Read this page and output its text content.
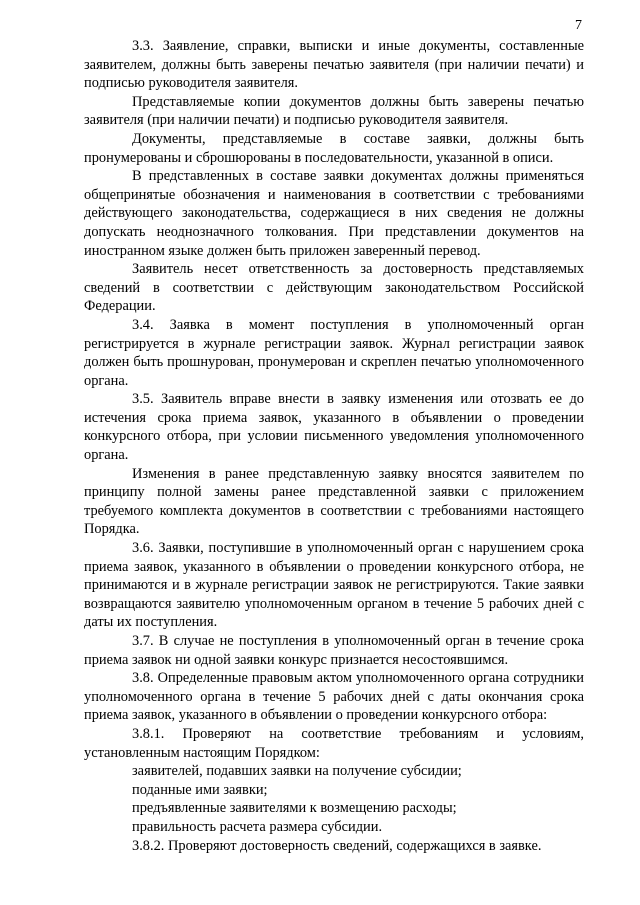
7

3.3. Заявление, справки, выписки и иные документы, составленные заявителем, должны быть заверены печатью заявителя (при наличии печати) и подписью руководителя заявителя.

Представляемые копии документов должны быть заверены печатью заявителя (при наличии печати) и подписью руководителя заявителя.

Документы, представляемые в составе заявки, должны быть пронумерованы и сброшюрованы в последовательности, указанной в описи.

В представленных в составе заявки документах должны применяться общепринятые обозначения и наименования в соответствии с требованиями действующего законодательства, содержащиеся в них сведения не должны допускать неоднозначного толкования. При представлении документов на иностранном языке должен быть приложен заверенный перевод.

Заявитель несет ответственность за достоверность представляемых сведений в соответствии с действующим законодательством Российской Федерации.

3.4. Заявка в момент поступления в уполномоченный орган регистрируется в журнале регистрации заявок. Журнал регистрации заявок должен быть прошнурован, пронумерован и скреплен печатью уполномоченного органа.

3.5. Заявитель вправе внести в заявку изменения или отозвать ее до истечения срока приема заявок, указанного в объявлении о проведении конкурсного отбора, при условии письменного уведомления уполномоченного органа.

Изменения в ранее представленную заявку вносятся заявителем по принципу полной замены ранее представленной заявки с приложением требуемого комплекта документов в соответствии с требованиями настоящего Порядка.

3.6. Заявки, поступившие в уполномоченный орган с нарушением срока приема заявок, указанного в объявлении о проведении конкурсного отбора, не принимаются и в журнале регистрации заявок не регистрируются. Такие заявки возвращаются заявителю уполномоченным органом в течение 5 рабочих дней с даты их поступления.

3.7. В случае не поступления в уполномоченный орган в течение срока приема заявок ни одной заявки конкурс признается несостоявшимся.

3.8. Определенные правовым актом уполномоченного органа сотрудники уполномоченного органа в течение 5 рабочих дней с даты окончания срока приема заявок, указанного в объявлении о проведении конкурсного отбора:

3.8.1. Проверяют на соответствие требованиям и условиям, установленным настоящим Порядком:

заявителей, подавших заявки на получение субсидии;

поданные ими заявки;

предъявленные заявителями к возмещению расходы;

правильность расчета размера субсидии.

3.8.2. Проверяют достоверность сведений, содержащихся в заявке.
